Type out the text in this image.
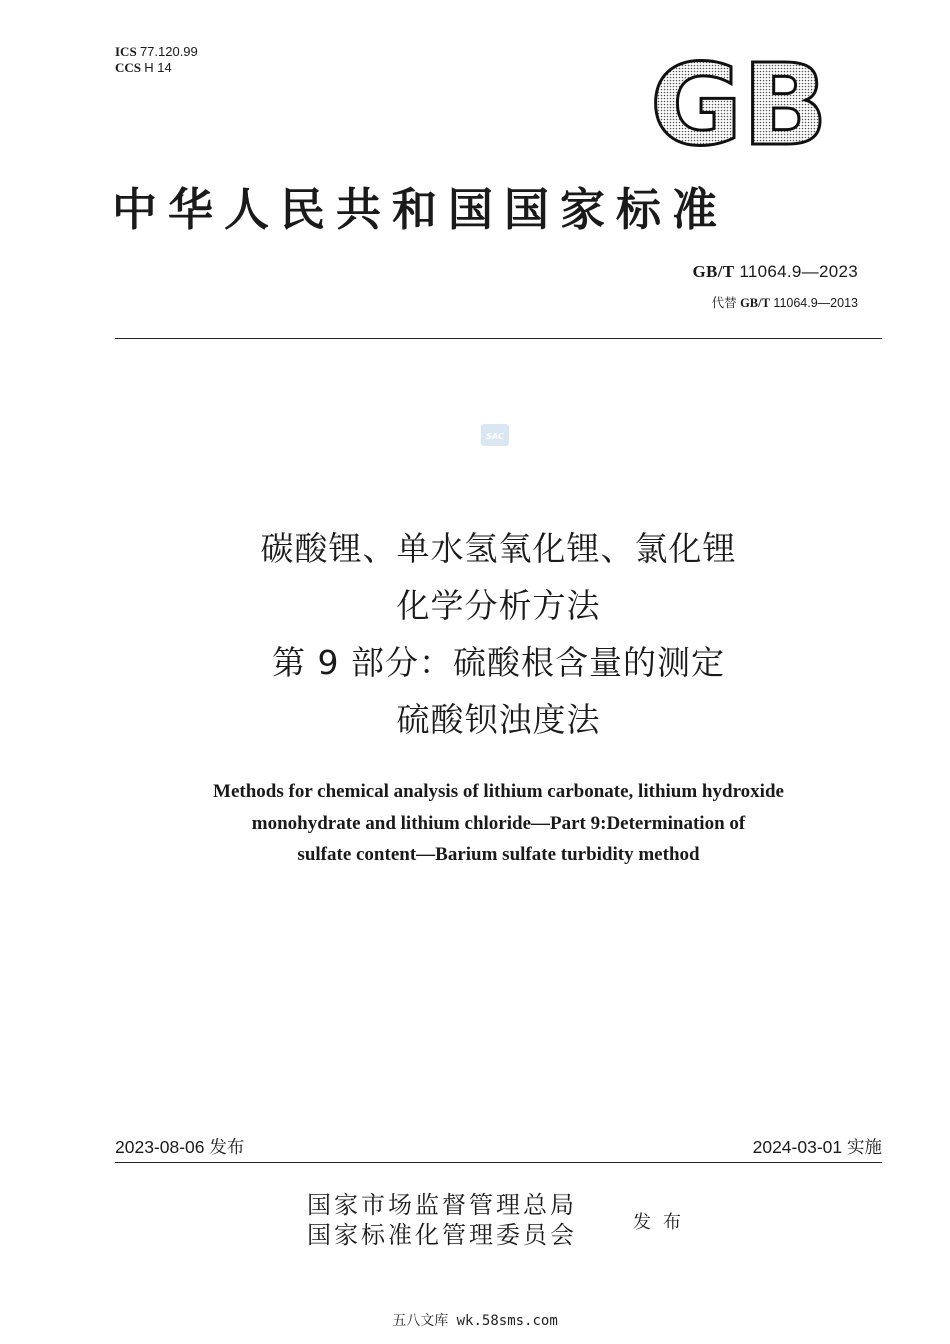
ICS 77.120.99
CCS H 14	GB
中华人民共和国国家标准
GB/T 11064.9—2023
代替 GB/T 11064.9—2013
SAC
碳酸锂、单水氢氧化锂、氯化锂
化学分析方法
第 9 部分：硫酸根含量的测定
硫酸钡浊度法
Methods for chemical analysis of lithium carbonate, lithium hydroxide
monohydrate and lithium chloride—Part 9:Determination of
sulfate content—Barium sulfate turbidity method
2023-08-06 发布	2024-03-01 实施
国家市场监督管理总局
国家标准化管理委员会	发布
五八文库 wk.58sms.com
